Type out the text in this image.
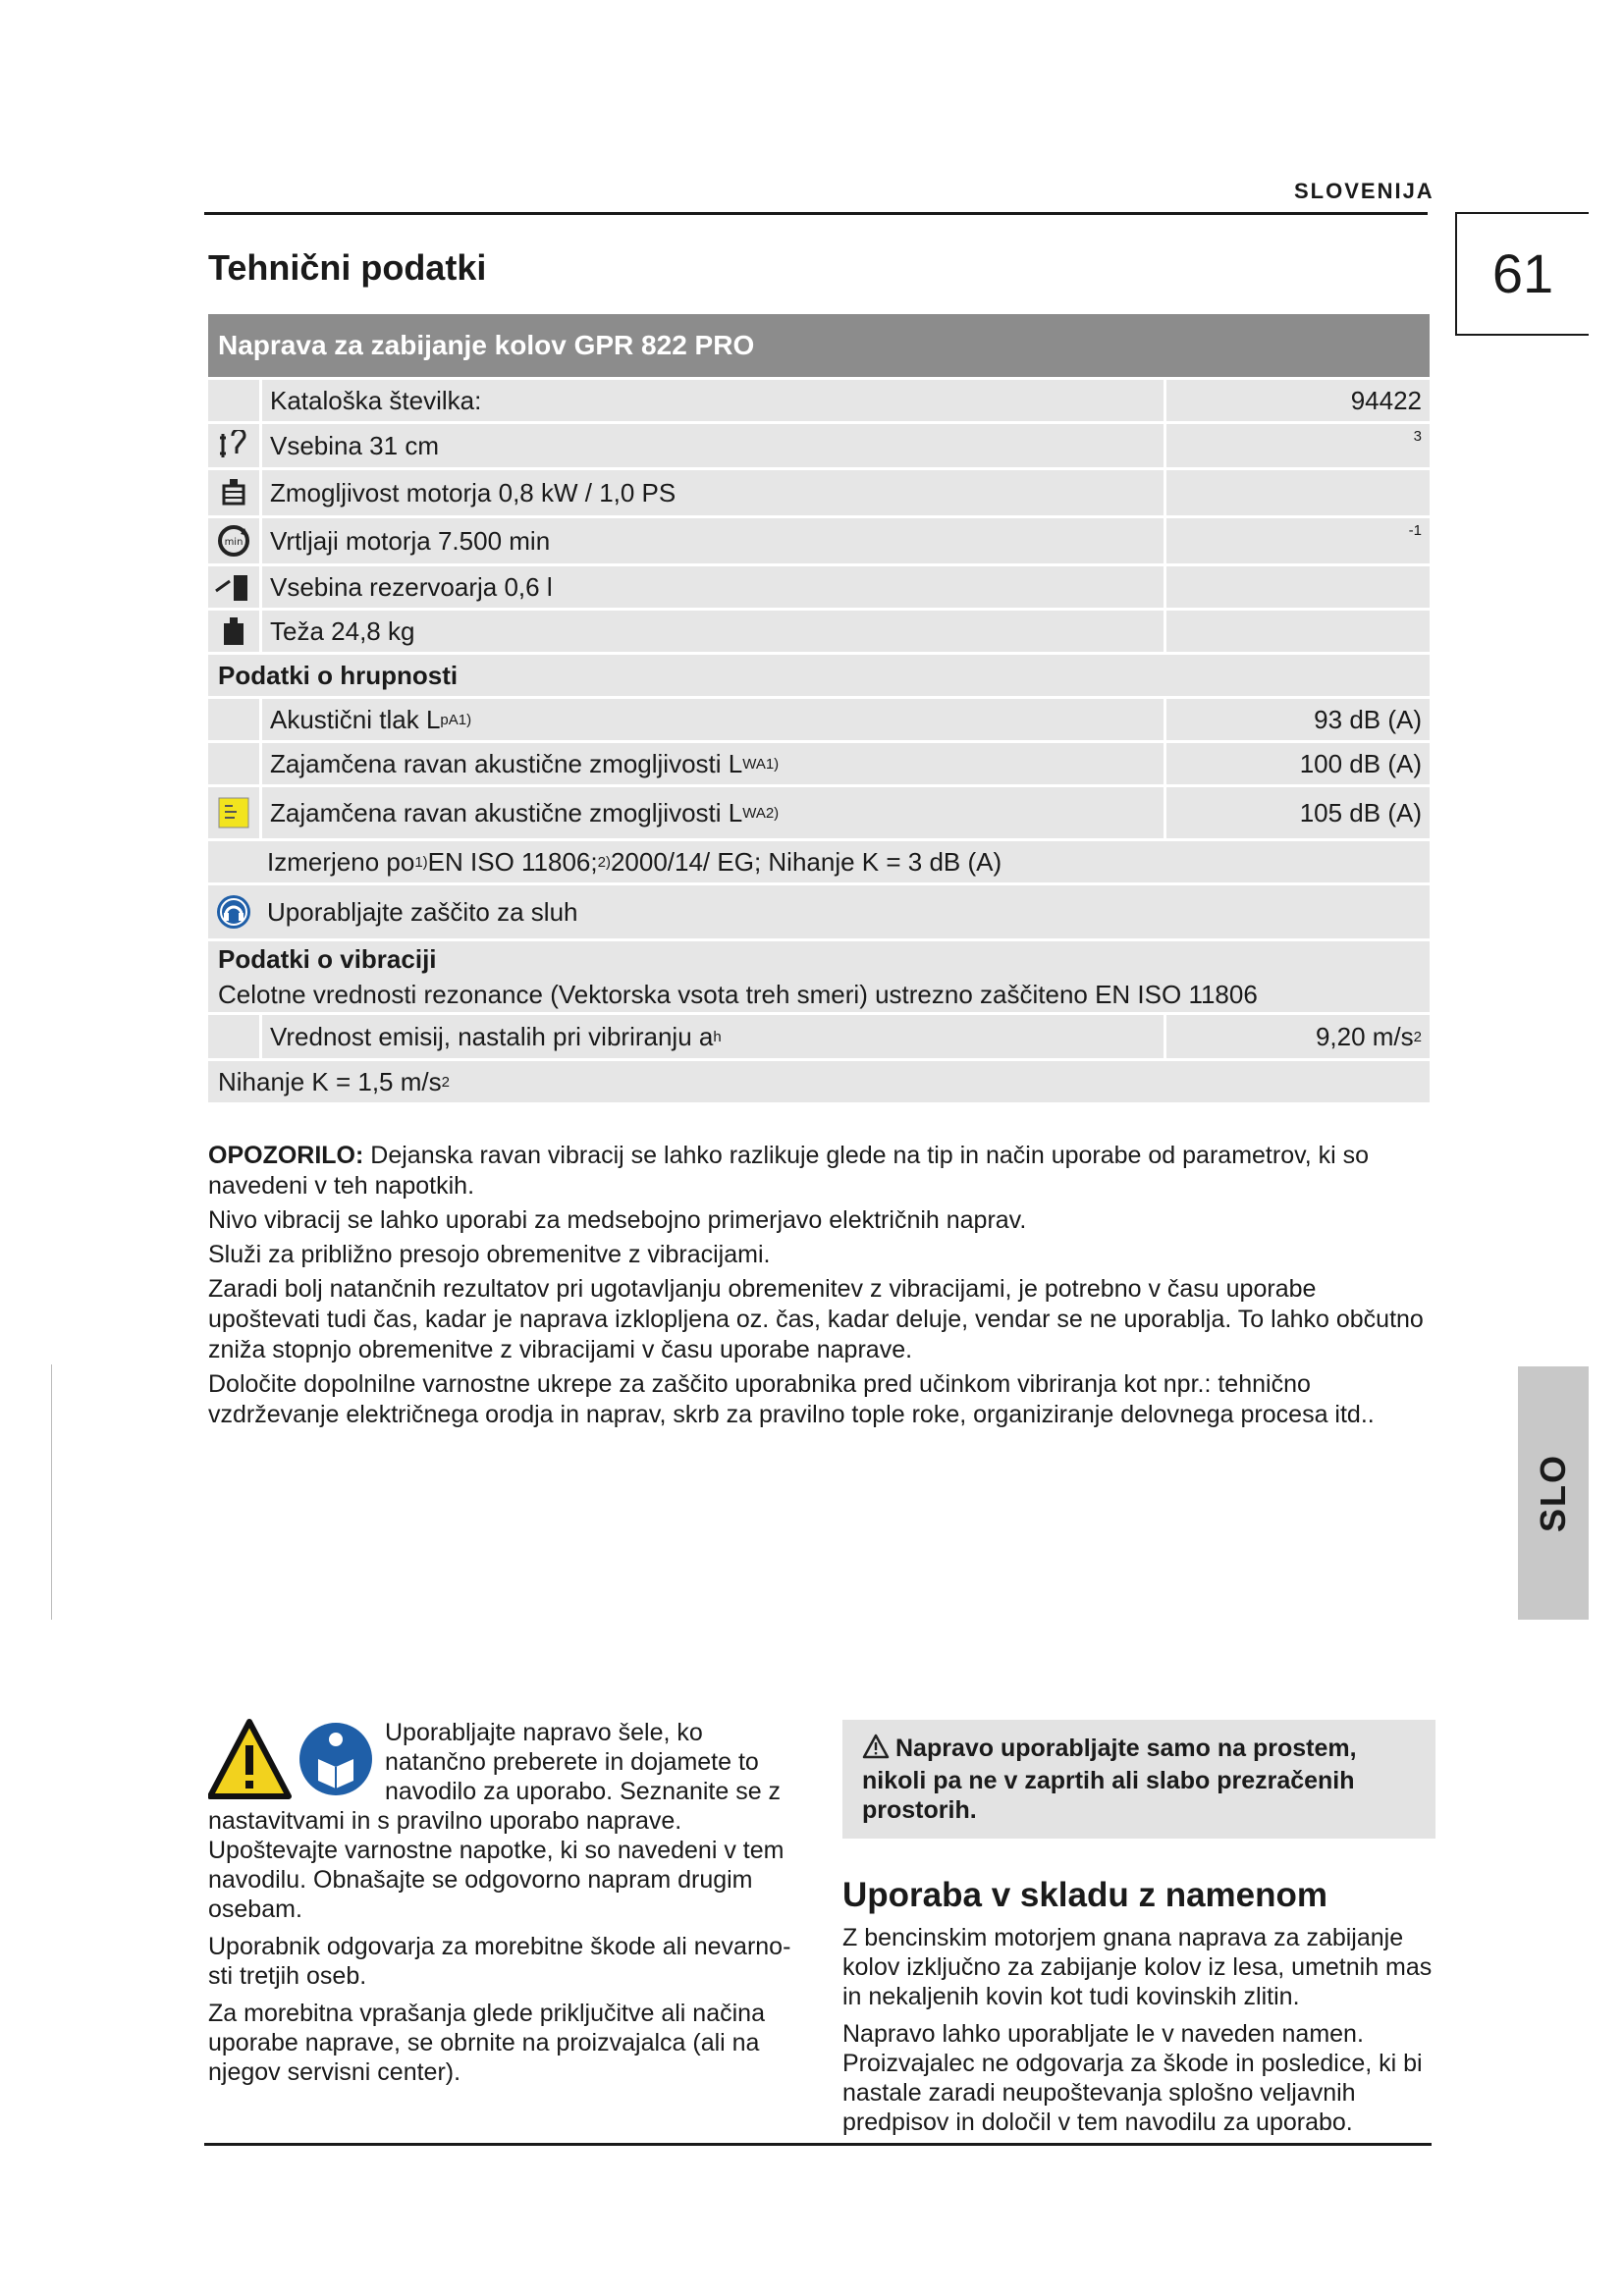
SLOVENIJA
61
Tehnični podatki
Naprava za zabijanje kolov GPR 822 PRO
Kataloška številka:	94422
Vsebina 31 cm	3
Zmogljivost motorja 0,8 kW / 1,0 PS
min	Vrtljaji motorja 7.500 min	-1
Vsebina rezervoarja 0,6 l
Teža 24,8 kg
Podatki o hrupnosti
Akustični tlak L pA 1)	93 dB (A)
Zajamčena ravan akustične zmogljivosti L WA 1)	100 dB (A)
Zajamčena ravan akustične zmogljivosti L WA 2)	105 dB (A)
Izmerjeno po 1) EN ISO 11806; 2) 2000/14/ EG; Nihanje K = 3 dB (A)
Uporabljajte zaščito za sluh
Podatki o vibraciji
Celotne vrednosti rezonance (Vektorska vsota treh smeri) ustrezno zaščiteno EN ISO 11806
Vrednost emisij, nastalih pri vibriranju a h	9,20 m/s 2
Nihanje K = 1,5 m/s 2

OPOZORILO: Dejanska ravan vibracij se lahko razlikuje glede na tip in način uporabe od parametrov, ki so navedeni v teh napotkih.

Nivo vibracij se lahko uporabi za medsebojno primerjavo električnih naprav.

Služi za približno presojo obremenitve z vibracijami.

Zaradi bolj natančnih rezultatov pri ugotavljanju obremenitev z vibracijami, je potrebno v času uporabe upoštevati tudi čas, kadar je naprava izklopljena oz. čas, kadar deluje, vendar se ne uporablja. To lahko občutno zniža stopnjo obremenitve z vibracijami v času uporabe naprave.

Določite dopolnilne varnostne ukrepe za zaščito uporabnika pred učinkom vibriranja kot npr.: tehnično vzdrževanje električnega orodja in naprav, skrb za pravilno tople roke, organiziranje delovnega procesa itd..

SLO

Uporabljajte napravo šele, ko natančno preberete in dojamete to navodilo za uporabo. Seznanite se z nastavitvami in s pravilno uporabo naprave. Upoštevajte varnostne napotke, ki so navedeni v tem navodilu. Obnašajte se odgovorno napram drugim osebam.

Uporabnik odgovarja za morebitne škode ali nevarno-sti tretjih oseb.

Za morebitna vprašanja glede priključitve ali načina uporabe naprave, se obrnite na proizvajalca (ali na njegov servisni center).

Napravo uporabljajte samo na prostem, nikoli pa ne v zaprtih ali slabo prezračenih prostorih.
Uporaba v skladu z namenom

Z bencinskim motorjem gnana naprava za zabijanje kolov izključno za zabijanje kolov iz lesa, umetnih mas in nekaljenih kovin kot tudi kovinskih zlitin.

Napravo lahko uporabljate le v naveden namen. Proizvajalec ne odgovarja za škode in posledice, ki bi nastale zaradi neupoštevanja splošno veljavnih predpisov in določil v tem navodilu za uporabo.
